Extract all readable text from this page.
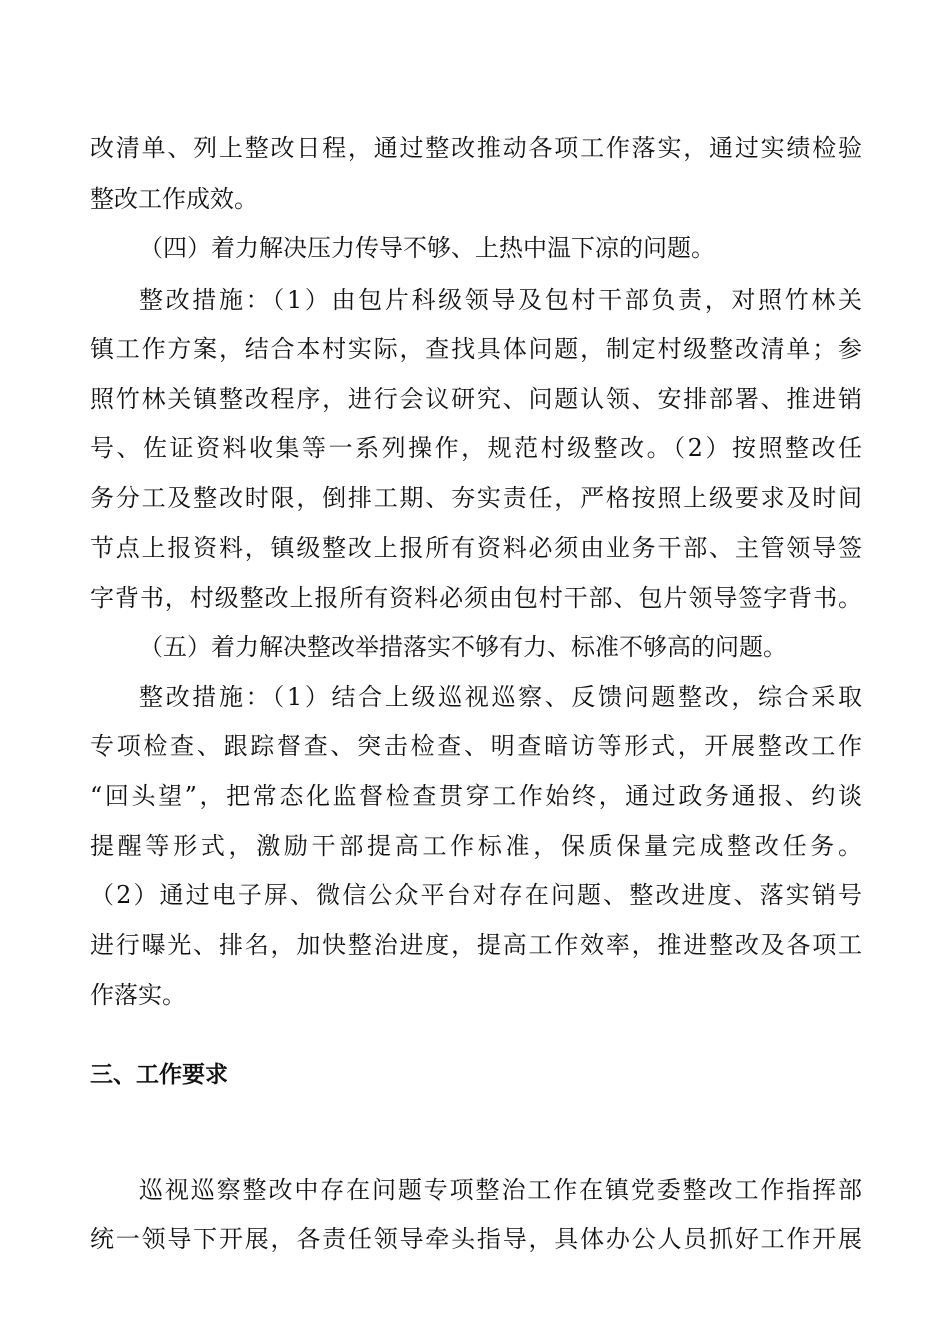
改清单、列上整改日程，通过整改推动各项工作落实，通过实绩检验
整改工作成效。
（四）着力解决压力传导不够、上热中温下凉的问题。
整改措施：（1）由包片科级领导及包村干部负责，对照竹林关
镇工作方案，结合本村实际，查找具体问题，制定村级整改清单；参
照竹林关镇整改程序，进行会议研究、问题认领、安排部署、推进销
号、佐证资料收集等一系列操作，规范村级整改。（2）按照整改任
务分工及整改时限，倒排工期、夯实责任，严格按照上级要求及时间
节点上报资料，镇级整改上报所有资料必须由业务干部、主管领导签
字背书，村级整改上报所有资料必须由包村干部、包片领导签字背书。
（五）着力解决整改举措落实不够有力、标准不够高的问题。
整改措施：（1）结合上级巡视巡察、反馈问题整改，综合采取
专项检查、跟踪督查、突击检查、明查暗访等形式，开展整改工作
“回头望”，把常态化监督检查贯穿工作始终，通过政务通报、约谈
提醒等形式，激励干部提高工作标准，保质保量完成整改任务。
（2）通过电子屏、微信公众平台对存在问题、整改进度、落实销号
进行曝光、排名，加快整治进度，提高工作效率，推进整改及各项工
作落实。
三、工作要求
巡视巡察整改中存在问题专项整治工作在镇党委整改工作指挥部
统一领导下开展，各责任领导牵头指导，具体办公人员抓好工作开展
